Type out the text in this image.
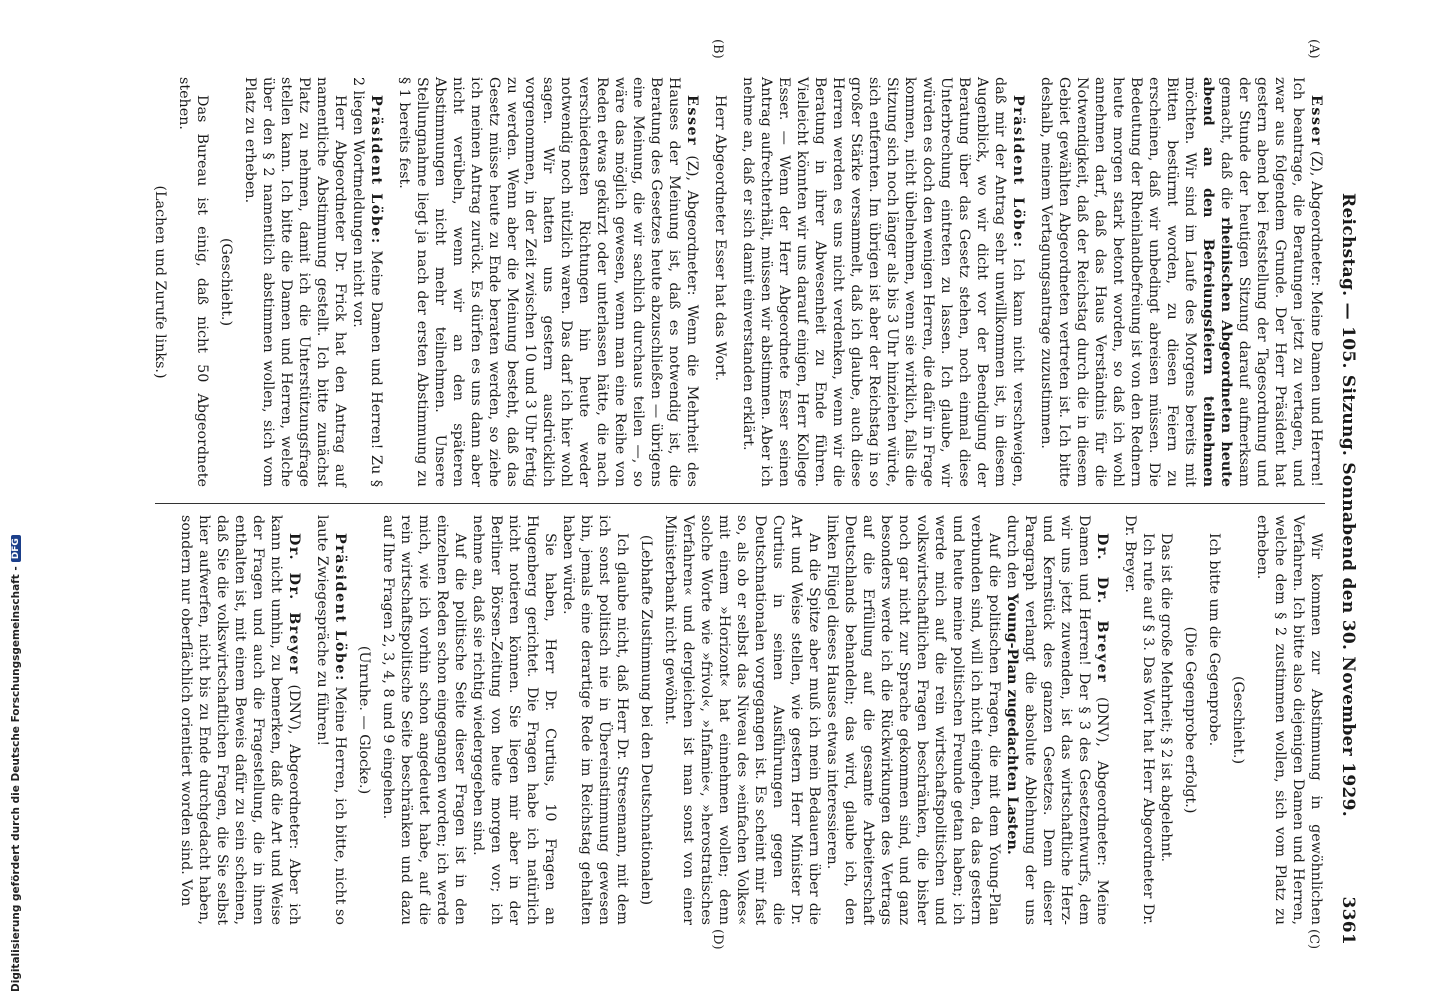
Reichstag. — 105. Sitzung. Sonnabend den 30. November 1929.
3361
(A)
(B)
(C)
(D)

Esser (Z), Abgeordneter: Meine Damen und Herren! Ich beantrage, die Beratungen jetzt zu vertagen, und zwar aus folgendem Grunde. Der Herr Präsident hat gestern abend bei Feststellung der Tagesordnung und der Stunde der heutigen Sitzung darauf aufmerksam gemacht, daß die rheinischen Abgeordneten heute abend an den Befreiungsfeiern teilnehmen möchten. Wir sind im Laufe des Morgens bereits mit Bitten bestürmt worden, zu diesen Feiern zu erscheinen, daß wir unbedingt abreisen müssen. Die Bedeutung der Rheinlandbefreiung ist von den Rednern heute morgen stark betont worden, so daß ich wohl annehmen darf, daß das Haus Verständnis für die Notwendigkeit, daß der Reichstag durch die in diesem Gebiet gewählten Abgeordneten vertreten ist. Ich bitte deshalb, meinem Vertagungsantrage zuzustimmen.

Präsident Löbe: Ich kann nicht verschweigen, daß mir der Antrag sehr unwillkommen ist, in diesem Augenblick, wo wir dicht vor der Beendigung der Beratung über das Gesetz stehen, noch einmal diese Unterbrechung eintreten zu lassen. Ich glaube, wir würden es doch den wenigen Herren, die dafür in Frage kommen, nicht übelnehmen, wenn sie wirklich, falls die Sitzung sich noch länger als bis 3 Uhr hinziehen würde, sich entfernten. Im übrigen ist aber der Reichstag in so großer Stärke versammelt, daß ich glaube, auch diese Herren werden es uns nicht verdenken, wenn wir die Beratung in ihrer Abwesenheit zu Ende führen. Vielleicht könnten wir uns darauf einigen, Herr Kollege Esser. — Wenn der Herr Abgeordnete Esser seinen Antrag aufrechterhält, müssen wir abstimmen. Aber ich nehme an, daß er sich damit einverstanden erklärt.

Herr Abgeordneter Esser hat das Wort.

Esser (Z), Abgeordneter: Wenn die Mehrheit des Hauses der Meinung ist, daß es notwendig ist, die Beratung des Gesetzes heute abzuschließen — übrigens eine Meinung, die wir sachlich durchaus teilen —, so wäre das möglich gewesen, wenn man eine Reihe von Reden etwas gekürzt oder unterlassen hätte, die nach verschiedensten Richtungen hin heute weder notwendig noch nützlich waren. Das darf ich hier wohl sagen. Wir hatten uns gestern ausdrücklich vorgenommen, in der Zeit zwischen 10 und 3 Uhr fertig zu werden. Wenn aber die Meinung besteht, daß das Gesetz müsse heute zu Ende beraten werden, so ziehe ich meinen Antrag zurück. Es dürfen es uns dann aber nicht verübeln, wenn wir an den späteren Abstimmungen nicht mehr teilnehmen. Unsere Stellungnahme liegt ja nach der ersten Abstimmung zu § 1 bereits fest.

Präsident Löbe: Meine Damen und Herren! Zu § 2 liegen Wortmeldungen nicht vor.

Herr Abgeordneter Dr. Frick hat den Antrag auf namentliche Abstimmung gestellt. Ich bitte zunächst Platz zu nehmen, damit ich die Unterstützungsfrage stellen kann. Ich bitte die Damen und Herren, welche über den § 2 namentlich abstimmen wollen, sich vom Platz zu erheben.

(Geschieht.)

Das Bureau ist einig, daß nicht 50 Abgeordnete stehen.

(Lachen und Zurufe links.)

Wir kommen zur Abstimmung in gewöhnlichen Verfahren. Ich bitte also diejenigen Damen und Herren, welche dem § 2 zustimmen wollen, sich vom Platz zu erheben.

(Geschieht.)

Ich bitte um die Gegenprobe.

(Die Gegenprobe erfolgt.)

Das ist die große Mehrheit; § 2 ist abgelehnt.

Ich rufe auf § 3. Das Wort hat Herr Abgeordneter Dr. Dr. Breyer.

Dr. Dr. Breyer (DNV), Abgeordneter: Meine Damen und Herren! Der § 3 des Gesetzentwurfs, dem wir uns jetzt zuwenden, ist das wirtschaftliche Herz- und Kernstück des ganzen Gesetzes. Denn dieser Paragraph verlangt die absolute Ablehnung der uns durch den Young-Plan zugedachten Lasten.

Auf die politischen Fragen, die mit dem Young-Plan verbunden sind, will ich nicht eingehen, da das gestern und heute meine politischen Freunde getan haben; ich werde mich auf die rein wirtschaftspolitischen und volkswirtschaftlichen Fragen beschränken, die bisher noch gar nicht zur Sprache gekommen sind, und ganz besonders werde ich die Rückwirkungen des Vertrags auf die Erfüllung auf die gesamte Arbeiterschaft Deutschlands behandeln; das wird, glaube ich, den linken Flügel dieses Hauses etwas interessieren.

An die Spitze aber muß ich mein Bedauern über die Art und Weise stellen, wie gestern Herr Minister Dr. Curtius in seinen Ausführungen gegen die Deutschnationalen vorgegangen ist. Es scheint mir fast so, als ob er selbst das Niveau des »einfachen Volkes« mit einem »Horizont« hat einnehmen wollen; denn solche Worte wie »frivol«, »Infamie«, »herostratisches Verfahren« und dergleichen ist man sonst von einer Ministerbank nicht gewöhnt.

(Lebhafte Zustimmung bei den Deutschnationalen)

Ich glaube nicht, daß Herr Dr. Stresemann, mit dem ich sonst politisch nie in Übereinstimmung gewesen bin, jemals eine derartige Rede im Reichstag gehalten haben würde.

Sie haben, Herr Dr. Curtius, 10 Fragen an Hugenberg gerichtet. Die Fragen habe ich natürlich nicht notieren können. Sie liegen mir aber in der Berliner Börsen-Zeitung von heute morgen vor; ich nehme an, daß sie richtig wiedergegeben sind.

Auf die politische Seite dieser Fragen ist in den einzelnen Reden schon eingegangen worden; ich werde mich, wie ich vorhin schon angedeutet habe, auf die rein wirtschaftspolitische Seite beschränken und dazu auf Ihre Fragen 2, 3, 4, 8 und 9 eingehen.

(Unruhe. — Glocke.)

Präsident Löbe: Meine Herren, ich bitte, nicht so laute Zwiegespräche zu führen!

Dr. Dr. Breyer (DNV), Abgeordneter: Aber ich kann nicht umhin, zu bemerken, daß die Art und Weise der Fragen und auch die Fragestellung, die in ihnen enthalten ist, mit einem Beweis dafür zu sein scheinen, daß Sie die volkswirtschaftlichen Fragen, die Sie selbst hier aufwerfen, nicht bis zu Ende durchgedacht haben, sondern nur oberflächlich orientiert worden sind. Von

Digitalisierung gefördert durch die Deutsche Forschungsgemeinschaft -
DFG
